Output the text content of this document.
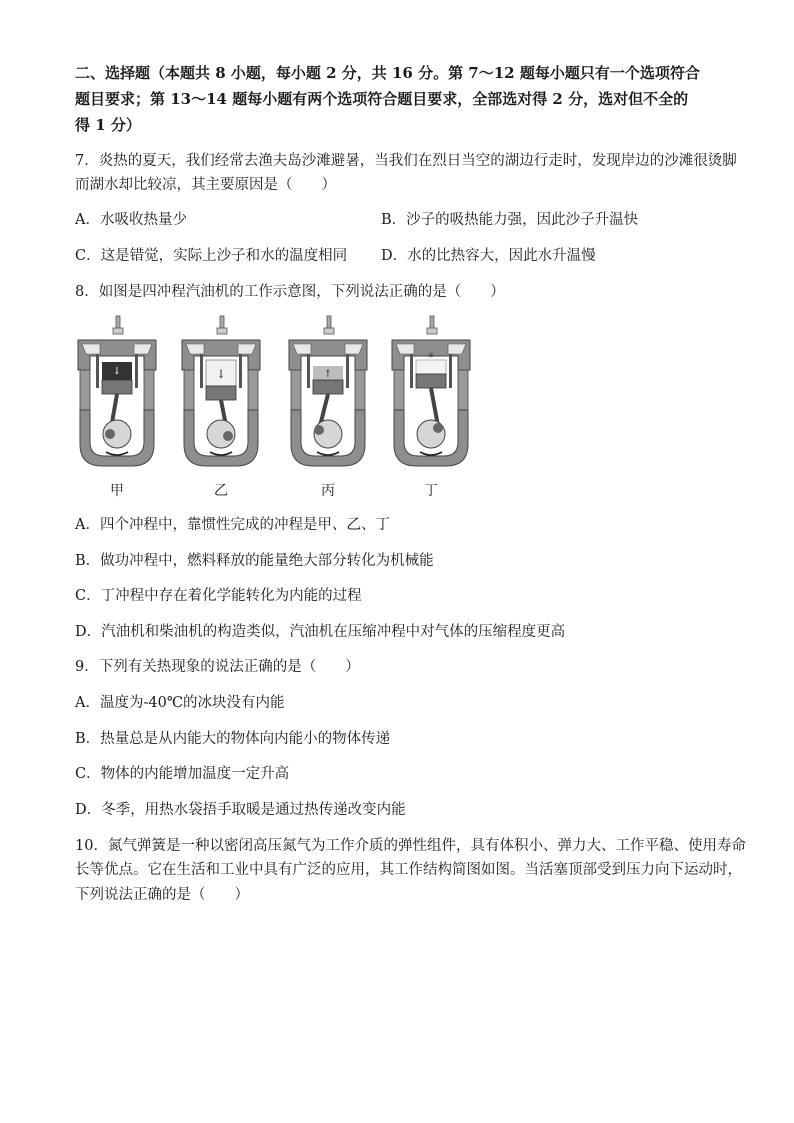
二、选择题（本题共 8 小题，每小题 2 分，共 16 分。第 7～12 题每小题只有一个选项符合
题目要求；第 13～14 题每小题有两个选项符合题目要求，全部选对得 2 分，选对但不全的
得 1 分）
7．炎热的夏天，我们经常去渔夫岛沙滩避暑，当我们在烈日当空的湖边行走时，发现岸边的沙滩很烫脚
而湖水却比较凉，其主要原因是（　　）
A．水吸收热量少	B．沙子的吸热能力强，因此沙子升温快
C．这是错觉，实际上沙子和水的温度相同 D．水的比热容大，因此水升温慢
8．如图是四冲程汽油机的工作示意图，下列说法正确的是（　　）
↓	↓	↑
✳
甲	乙	丙	丁
A．四个冲程中，靠惯性完成的冲程是甲、乙、丁
B．做功冲程中，燃料释放的能量绝大部分转化为机械能
C．丁冲程中存在着化学能转化为内能的过程
D．汽油机和柴油机的构造类似，汽油机在压缩冲程中对气体的压缩程度更高
9．下列有关热现象的说法正确的是（　　）
A．温度为-40℃的冰块没有内能
B．热量总是从内能大的物体向内能小的物体传递
C．物体的内能增加温度一定升高
D．冬季，用热水袋捂手取暖是通过热传递改变内能
10．氮气弹簧是一种以密闭高压氮气为工作介质的弹性组件，具有体积小、弹力大、工作平稳、使用寿命
长等优点。它在生活和工业中具有广泛的应用，其工作结构简图如图。当活塞顶部受到压力向下运动时，
下列说法正确的是（　　）
